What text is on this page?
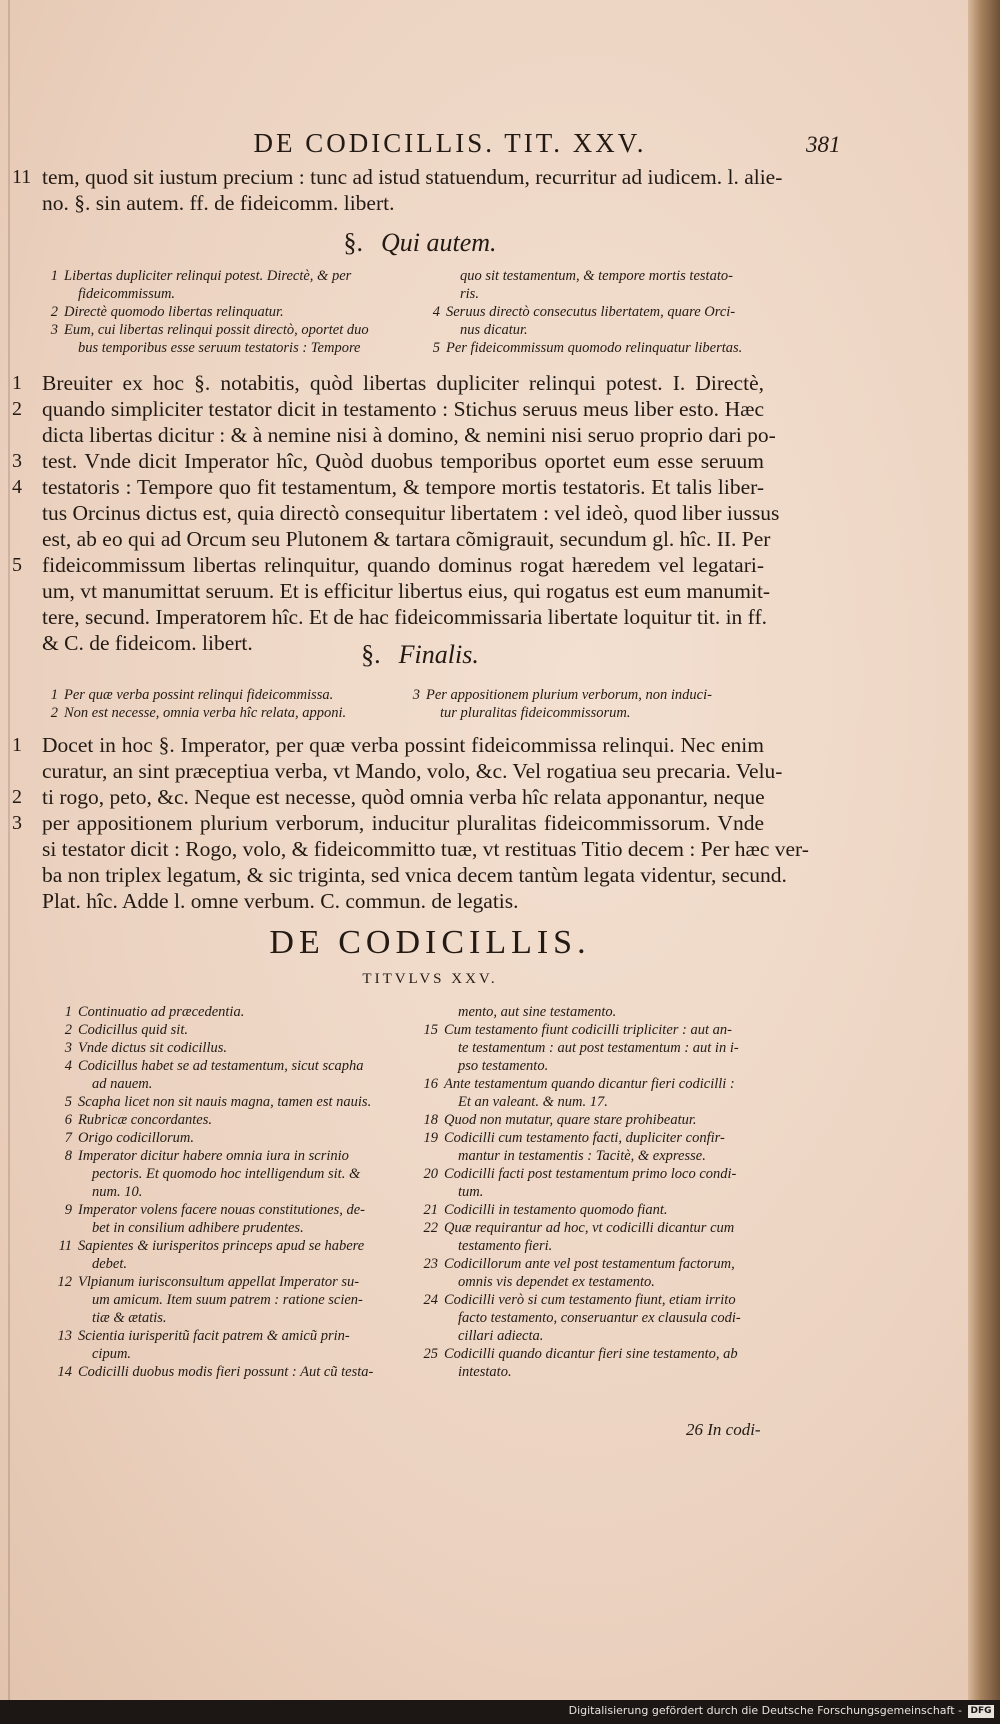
DE CODICILLIS. TIT. XXV.	381
11 tem, quod sit iustum precium : tunc ad istud statuendum, recurritur ad iudicem. l. alie-
no. §. sin autem. ff. de fideicomm. libert.
§. Qui autem.
1 Libertas dupliciter relinqui potest. Directè, & per
fideicommissum.
2 Directè quomodo libertas relinquatur.
3 Eum, cui libertas relinqui possit directò, oportet duo
bus temporibus esse seruum testatoris : Tempore
quo sit testamentum, & tempore mortis testato-
ris.
4 Seruus directò consecutus libertatem, quare Orci-
nus dicatur.
5 Per fideicommissum quomodo relinquatur libertas.
1 Breuiter ex hoc §. notabitis, quòd libertas dupliciter relinqui potest. I. Directè,
2 quando simpliciter testator dicit in testamento : Stichus seruus meus liber esto. Hæc
dicta libertas dicitur : & à nemine nisi à domino, & nemini nisi seruo proprio dari po-
3 test. Vnde dicit Imperator hîc, Quòd duobus temporibus oportet eum esse seruum
4 testatoris : Tempore quo fit testamentum, & tempore mortis testatoris. Et talis liber-
tus Orcinus dictus est, quia directò consequitur libertatem : vel ideò, quod liber iussus
est, ab eo qui ad Orcum seu Plutonem & tartara cõmigrauit, secundum gl. hîc. II. Per
5 fideicommissum libertas relinquitur, quando dominus rogat hæredem vel legatari-
um, vt manumittat seruum. Et is efficitur libertus eius, qui rogatus est eum manumit-
tere, secund. Imperatorem hîc. Et de hac fideicommissaria libertate loquitur tit. in ff.
& C. de fideicom. libert.	§. Finalis.
1 Per quæ verba possint relinqui fideicommissa.
2 Non est necesse, omnia verba hîc relata, apponi.
3 Per appositionem plurium verborum, non induci-
tur pluralitas fideicommissorum.
1 Docet in hoc §. Imperator, per quæ verba possint fideicommissa relinqui. Nec enim
curatur, an sint præceptiua verba, vt Mando, volo, &c. Vel rogatiua seu precaria. Velu-
2 ti rogo, peto, &c. Neque est necesse, quòd omnia verba hîc relata apponantur, neque
3 per appositionem plurium verborum, inducitur pluralitas fideicommissorum. Vnde
si testator dicit : Rogo, volo, & fideicommitto tuæ, vt restituas Titio decem : Per hæc ver-
ba non triplex legatum, & sic triginta, sed vnica decem tantùm legata videntur, secund.
Plat. hîc. Adde l. omne verbum. C. commun. de legatis.
DE CODICILLIS.
TITVLVS XXV.
1 Continuatio ad præcedentia.
2 Codicillus quid sit.
3 Vnde dictus sit codicillus.
4 Codicillus habet se ad testamentum, sicut scapha
ad nauem.
5 Scapha licet non sit nauis magna, tamen est nauis.
6 Rubricæ concordantes.
7 Origo codicillorum.
8 Imperator dicitur habere omnia iura in scrinio
pectoris. Et quomodo hoc intelligendum sit. &
num. 10.
9 Imperator volens facere nouas constitutiones, de-
bet in consilium adhibere prudentes.
11 Sapientes & iurisperitos princeps apud se habere
debet.
12 Vlpianum iurisconsultum appellat Imperator su-
um amicum. Item suum patrem : ratione scien-
tiæ & ætatis.
13 Scientia iurisperitũ facit patrem & amicũ prin-
cipum.
14 Codicilli duobus modis fieri possunt : Aut cũ testa-
mento, aut sine testamento.
15 Cum testamento fiunt codicilli tripliciter : aut an-
te testamentum : aut post testamentum : aut in i-
pso testamento.
16 Ante testamentum quando dicantur fieri codicilli :
Et an valeant. & num. 17.
18 Quod non mutatur, quare stare prohibeatur.
19 Codicilli cum testamento facti, dupliciter confir-
mantur in testamentis : Tacitè, & expresse.
20 Codicilli facti post testamentum primo loco condi-
tum.
21 Codicilli in testamento quomodo fiant.
22 Quæ requirantur ad hoc, vt codicilli dicantur cum
testamento fieri.
23 Codicillorum ante vel post testamentum factorum,
omnis vis dependet ex testamento.
24 Codicilli verò si cum testamento fiunt, etiam irrito
facto testamento, conseruantur ex clausula codi-
cillari adiecta.
25 Codicilli quando dicantur fieri sine testamento, ab
intestato.
26 In codi-
Digitalisierung gefördert durch die Deutsche Forschungsgemeinschaft - DFG
